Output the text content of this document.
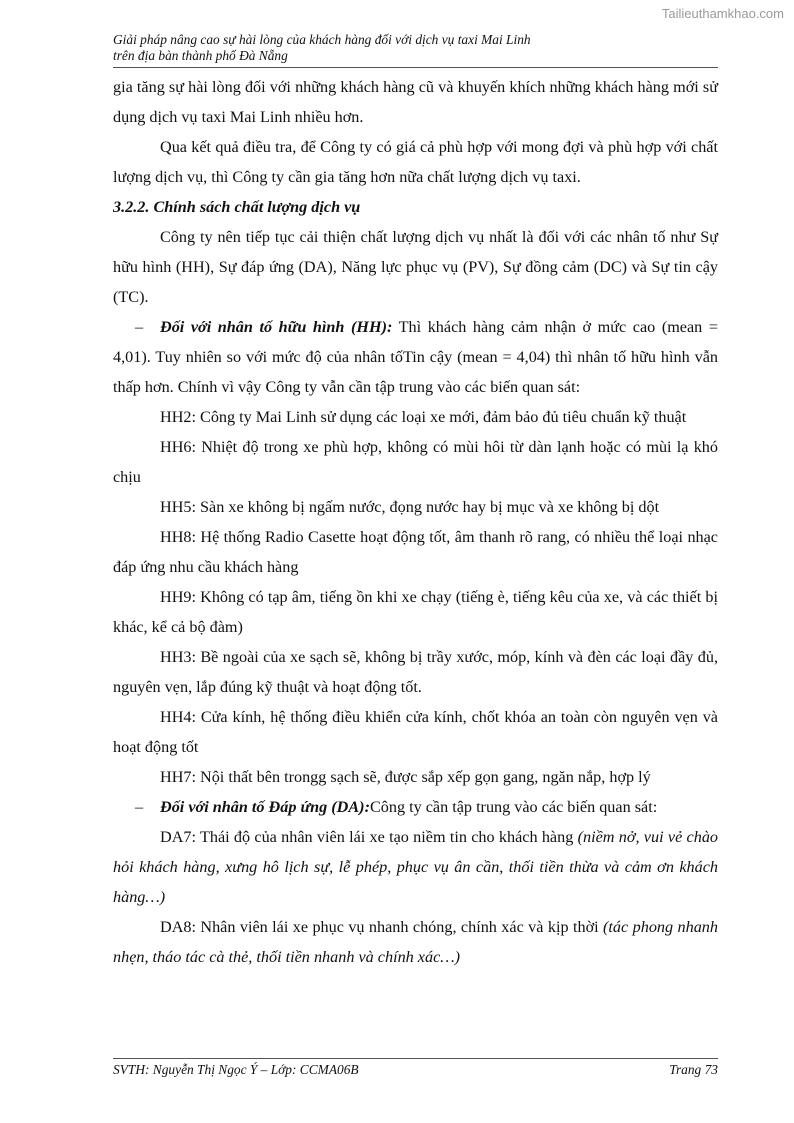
Tailieuthamkhao.com
Giải pháp nâng cao sự hài lòng của khách hàng đối với dịch vụ taxi Mai Linh
trên địa bàn thành phố Đà Nẵng

gia tăng sự hài lòng đối với những khách hàng cũ và khuyến khích những khách hàng mới sử dụng dịch vụ taxi Mai Linh nhiều hơn.

Qua kết quả điều tra, để Công ty có giá cả phù hợp với mong đợi và phù hợp với chất lượng dịch vụ, thì Công ty cần gia tăng hơn nữa chất lượng dịch vụ taxi.

3.2.2. Chính sách chất lượng dịch vụ

Công ty nên tiếp tục cải thiện chất lượng dịch vụ nhất là đối với các nhân tố như Sự hữu hình (HH), Sự đáp ứng (DA), Năng lực phục vụ (PV), Sự đồng cảm (DC) và Sự tin cậy (TC).

– Đối với nhân tố hữu hình (HH): Thì khách hàng cảm nhận ở mức cao (mean = 4,01). Tuy nhiên so với mức độ của nhân tốTin cậy (mean = 4,04) thì nhân tố hữu hình vẫn thấp hơn. Chính vì vậy Công ty vẫn cần tập trung vào các biến quan sát:

HH2: Công ty Mai Linh sử dụng các loại xe mới, đảm bảo đủ tiêu chuẩn kỹ thuật

HH6: Nhiệt độ trong xe phù hợp, không có mùi hôi từ dàn lạnh hoặc có mùi lạ khó chịu

HH5: Sàn xe không bị ngấm nước, đọng nước hay bị mục và xe không bị dột

HH8: Hệ thống Radio Casette hoạt động tốt, âm thanh rõ rang, có nhiều thể loại nhạc đáp ứng nhu cầu khách hàng

HH9: Không có tạp âm, tiếng ồn khi xe chạy (tiếng è, tiếng kêu của xe, và các thiết bị khác, kể cả bộ đàm)

HH3: Bề ngoài của xe sạch sẽ, không bị trầy xước, móp, kính và đèn các loại đầy đủ, nguyên vẹn, lắp đúng kỹ thuật và hoạt động tốt.

HH4: Cửa kính, hệ thống điều khiển cửa kính, chốt khóa an toàn còn nguyên vẹn và hoạt động tốt

HH7: Nội thất bên trongg sạch sẽ, được sắp xếp gọn gang, ngăn nắp, hợp lý

– Đối với nhân tố Đáp ứng (DA):Công ty cần tập trung vào các biến quan sát:

DA7: Thái độ của nhân viên lái xe tạo niềm tin cho khách hàng (niềm nở, vui vẻ chào hỏi khách hàng, xưng hô lịch sự, lễ phép, phục vụ ân cần, thối tiền thừa và cảm ơn khách hàng…)

DA8: Nhân viên lái xe phục vụ nhanh chóng, chính xác và kịp thời (tác phong nhanh nhẹn, tháo tác cà thẻ, thối tiền nhanh và chính xác…)

SVTH: Nguyễn Thị Ngọc Ý – Lớp: CCMA06B	Trang 73
